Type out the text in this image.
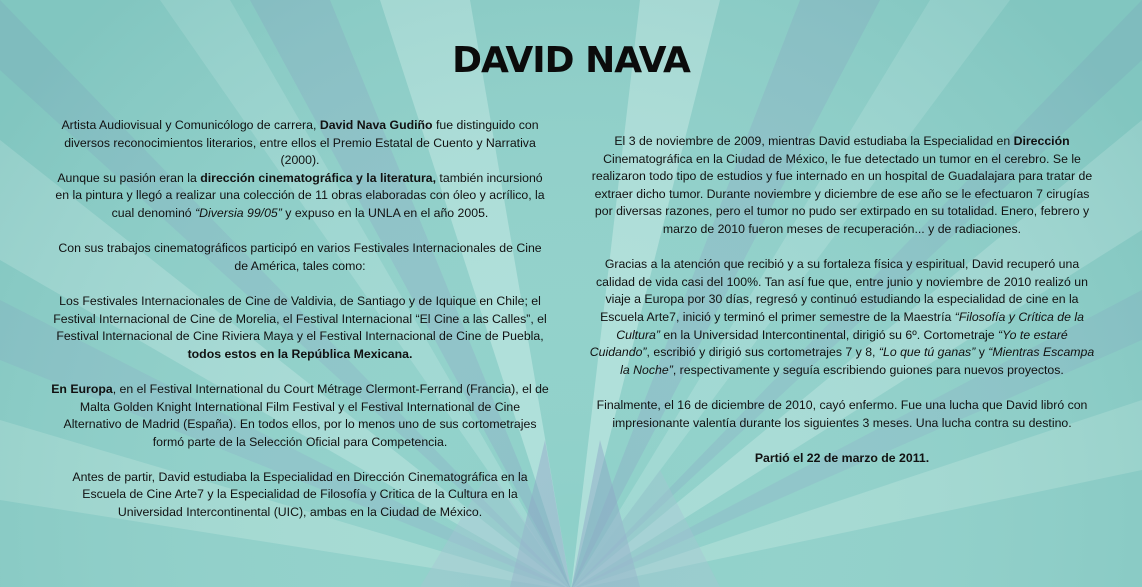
DAVID NAVA

Artista Audiovisual y Comunicólogo de carrera, David Nava Gudiño fue distinguido con diversos reconocimientos literarios, entre ellos el Premio Estatal de Cuento y Narrativa (2000).
Aunque su pasión eran la dirección cinematográfica y la literatura, también incursionó en la pintura y llegó a realizar una colección de 11 obras elaboradas con óleo y acrílico, la cual denominó “Diversia 99/05” y expuso en la UNLA en el año 2005.

Con sus trabajos cinematográficos participó en varios Festivales Internacionales de Cine de América, tales como:

Los Festivales Internacionales de Cine de Valdivia, de Santiago y de Iquique en Chile; el Festival Internacional de Cine de Morelia, el Festival Internacional “El Cine a las Calles”, el Festival Internacional de Cine Riviera Maya y el Festival Internacional de Cine de Puebla, todos estos en la República Mexicana.

En Europa, en el Festival International du Court Métrage Clermont-Ferrand (Francia), el de Malta Golden Knight International Film Festival y el Festival International de Cine Alternativo de Madrid (España). En todos ellos, por lo menos uno de sus cortometrajes formó parte de la Selección Oficial para Competencia.

Antes de partir, David estudiaba la Especialidad en Dirección Cinematográfica en la Escuela de Cine Arte7 y la Especialidad de Filosofía y Critica de la Cultura en la Universidad Intercontinental (UIC), ambas en la Ciudad de México.

El 3 de noviembre de 2009, mientras David estudiaba la Especialidad en Dirección Cinematográfica en la Ciudad de México, le fue detectado un tumor en el cerebro. Se le realizaron todo tipo de estudios y fue internado en un hospital de Guadalajara para tratar de extraer dicho tumor. Durante noviembre y diciembre de ese año se le efectuaron 7 cirugías por diversas razones, pero el tumor no pudo ser extirpado en su totalidad. Enero, febrero y marzo de 2010 fueron meses de recuperación... y de radiaciones.

Gracias a la atención que recibió y a su fortaleza física y espiritual, David recuperó una calidad de vida casi del 100%. Tan así fue que, entre junio y noviembre de 2010 realizó un viaje a Europa por 30 días, regresó y continuó estudiando la especialidad de cine en la Escuela Arte7, inició y terminó el primer semestre de la Maestría “Filosofía y Crítica de la Cultura” en la Universidad Intercontinental, dirigió su 6º. Cortometraje “Yo te estaré Cuidando”, escribió y dirigió sus cortometrajes 7 y 8, “Lo que tú ganas” y “Mientras Escampa la Noche”, respectivamente y seguía escribiendo guiones para nuevos proyectos.

Finalmente, el 16 de diciembre de 2010, cayó enfermo. Fue una lucha que David libró con impresionante valentía durante los siguientes 3 meses. Una lucha contra su destino.

Partió el 22 de marzo de 2011.
